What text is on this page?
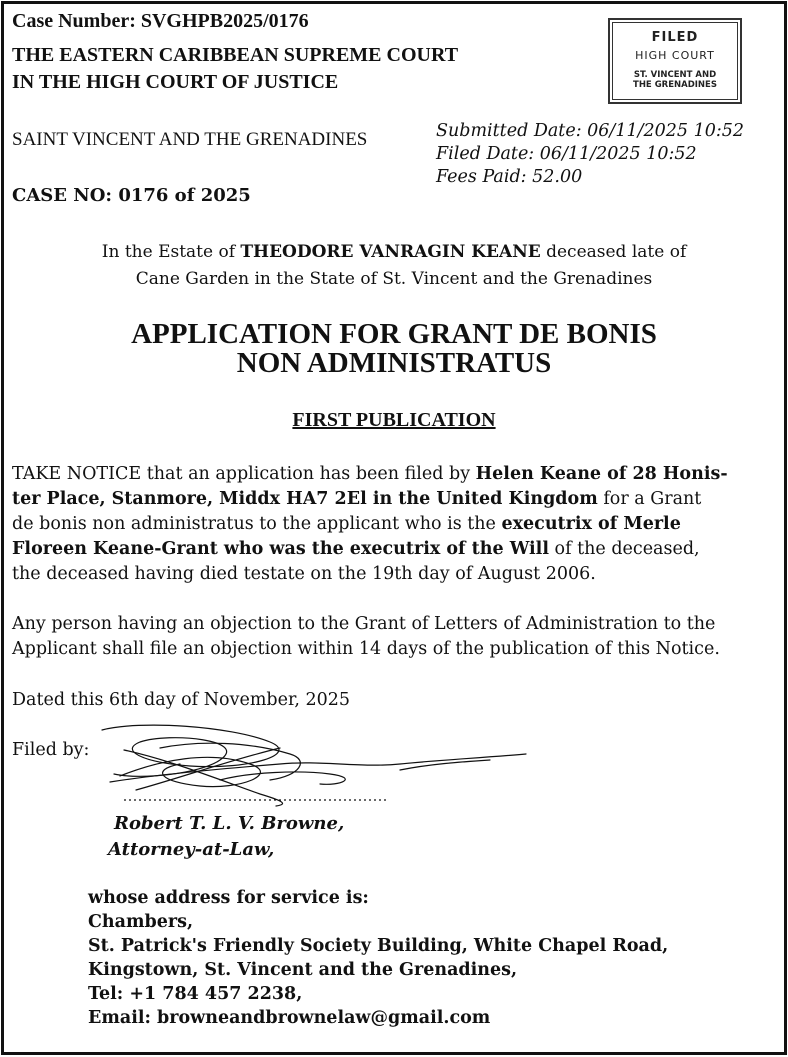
Case Number: SVGHPB2025/0176
THE EASTERN CARIBBEAN SUPREME COURT
IN THE HIGH COURT OF JUSTICE
FILED
HIGH COURT
ST. VINCENT AND
THE GRENADINES
SAINT VINCENT AND THE GRENADINES	Submitted Date: 06/11/2025 10:52
Filed Date: 06/11/2025 10:52
Fees Paid: 52.00
CASE NO: 0176 of 2025
In the Estate of THEODORE VANRAGIN KEANE deceased late of
Cane Garden in the State of St. Vincent and the Grenadines
APPLICATION FOR GRANT DE BONIS
NON ADMINISTRATUS
FIRST PUBLICATION
TAKE NOTICE that an application has been filed by Helen Keane of 28 Honis-
ter Place, Stanmore, Middx HA7 2El in the United Kingdom for a Grant
de bonis non administratus to the applicant who is the executrix of Merle
Floreen Keane-Grant who was the executrix of the Will of the deceased,
the deceased having died testate on the 19th day of August 2006.
Any person having an objection to the Grant of Letters of Administration to the
Applicant shall file an objection within 14 days of the publication of this Notice.
Dated this 6th day of November, 2025
Filed by:
Robert T. L. V. Browne,
Attorney-at-Law,
whose address for service is:
Chambers,
St. Patrick's Friendly Society Building, White Chapel Road,
Kingstown, St. Vincent and the Grenadines,
Tel: +1 784 457 2238,
Email: browneandbrownelaw@gmail.com
